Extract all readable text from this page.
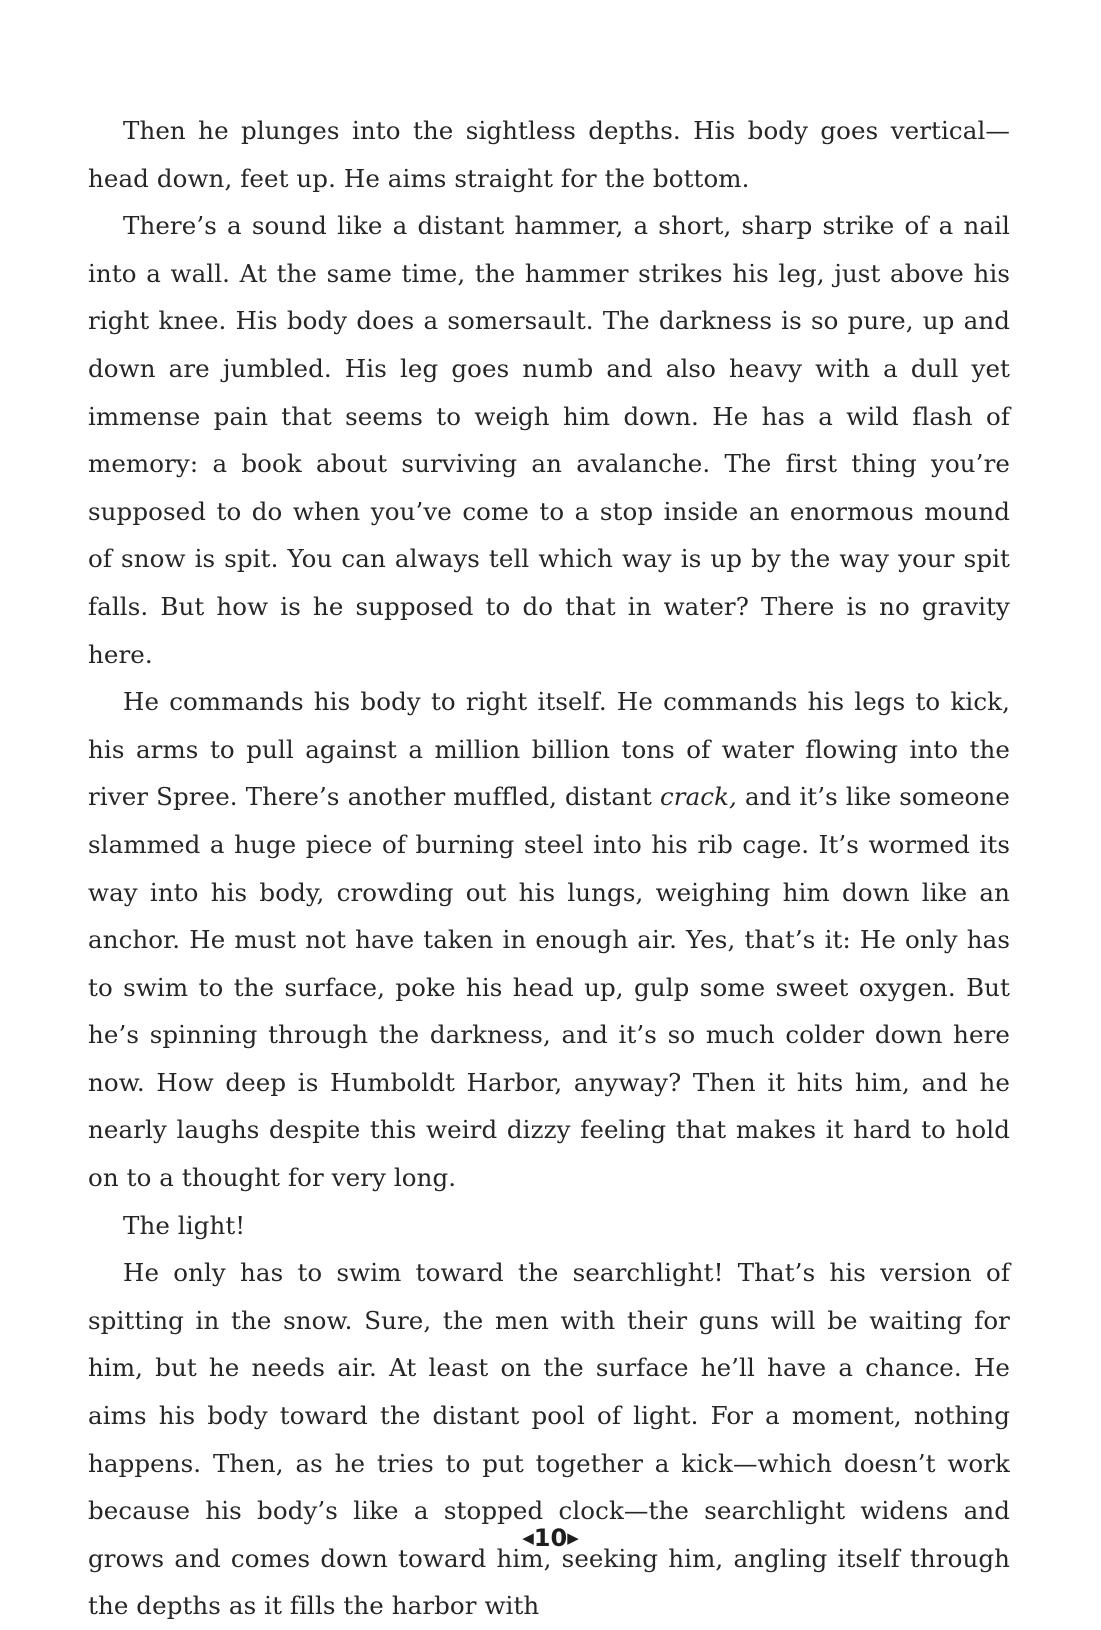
Then he plunges into the sightless depths. His body goes vertical—head down, feet up. He aims straight for the bottom.

There’s a sound like a distant hammer, a short, sharp strike of a nail into a wall. At the same time, the hammer strikes his leg, just above his right knee. His body does a somersault. The darkness is so pure, up and down are jumbled. His leg goes numb and also heavy with a dull yet immense pain that seems to weigh him down. He has a wild flash of memory: a book about surviving an avalanche. The first thing you’re supposed to do when you’ve come to a stop inside an enormous mound of snow is spit. You can always tell which way is up by the way your spit falls. But how is he supposed to do that in water? There is no gravity here.

He commands his body to right itself. He commands his legs to kick, his arms to pull against a million billion tons of water flowing into the river Spree. There’s another muffled, distant crack, and it’s like someone slammed a huge piece of burning steel into his rib cage. It’s wormed its way into his body, crowding out his lungs, weighing him down like an anchor. He must not have taken in enough air. Yes, that’s it: He only has to swim to the surface, poke his head up, gulp some sweet oxygen. But he’s spinning through the darkness, and it’s so much colder down here now. How deep is Humboldt Harbor, anyway? Then it hits him, and he nearly laughs despite this weird dizzy feeling that makes it hard to hold on to a thought for very long.

The light!

He only has to swim toward the searchlight! That’s his version of spitting in the snow. Sure, the men with their guns will be waiting for him, but he needs air. At least on the surface he’ll have a chance. He aims his body toward the distant pool of light. For a moment, nothing happens. Then, as he tries to put together a kick—which doesn’t work because his body’s like a stopped clock—the searchlight widens and grows and comes down toward him, seeking him, angling itself through the depths as it fills the harbor with

◀10▶
